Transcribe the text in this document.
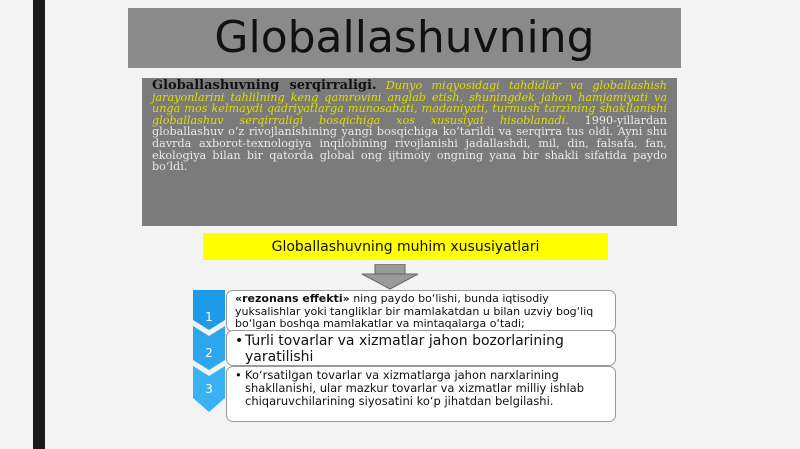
Globallashuvning

Globallashuvning serqirraligi. Dunyo miqyosidagi tahdidlar va globallashish jarayonlarini tahlilning keng qamrovini anglab etish, shuningdek jahon hamjamiyati va unga mos kelmaydi qadriyatlarga munosabati, madaniyati, turmush tarzining shakllanishi globallashuv serqirraligi bosqichiga xos xususiyat hisoblanadi. 1990-yillardan globallashuv o‘z rivojlanishining yangi bosqichiga ko‘tarildi va serqirra tus oldi. Ayni shu davrda axborot-texnologiya inqilobining rivojlanishi jadallashdi, mil, din, falsafa, fan, ekologiya bilan bir qatorda global ong ijtimoiy ongning yana bir shakli sifatida paydo bo‘ldi.

Globallashuvning muhim xususiyatlari
1
2
3
«rezonans effekti» ning paydo bo‘lishi, bunda iqtisodiy yuksalishlar yoki tangliklar bir mamlakatdan u bilan uzviy bog‘liq bo‘lgan boshqa mamlakatlar va mintaqalarga o‘tadi;
• Turli tovarlar va xizmatlar jahon bozorlarining yaratilishi
• Ko‘rsatilgan tovarlar va xizmatlarga jahon narxlarining shakllanishi, ular mazkur tovarlar va xizmatlar milliy ishlab chiqaruvchilarining siyosatini ko‘p jihatdan belgilashi.
